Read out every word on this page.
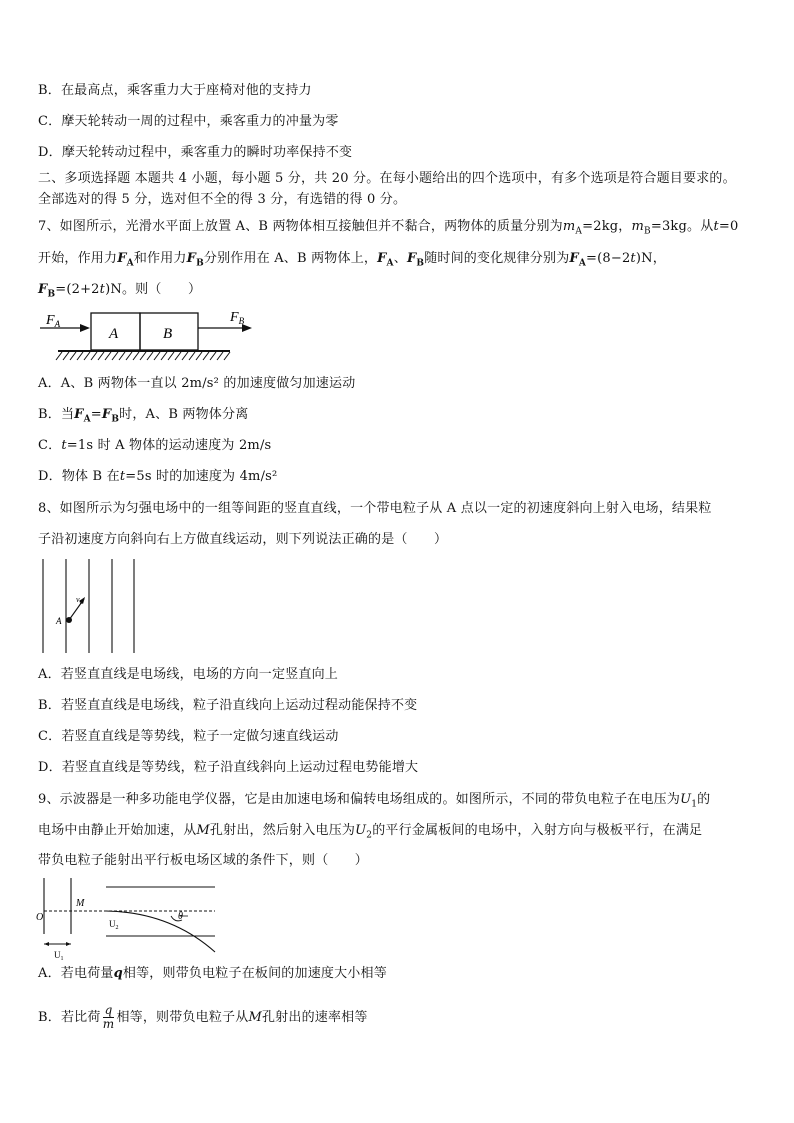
B．在最高点，乘客重力大于座椅对他的支持力
C．摩天轮转动一周的过程中，乘客重力的冲量为零
D．摩天轮转动过程中，乘客重力的瞬时功率保持不变
二、多项选择题 本题共 4 小题，每小题 5 分，共 20 分。在每小题给出的四个选项中，有多个选项是符合题目要求的。
全部选对的得 5 分，选对但不全的得 3 分，有选错的得 0 分。
7、如图所示，光滑水平面上放置 A、B 两物体相互接触但并不黏合，两物体的质量分别为$m_A=2kg$，$m_B=3kg$。从t=0
开始，作用力$F_A$和作用力$F_B$分别作用在 A、B 两物体上，$F_A$、$F_B$随时间的变化规律分别为$F_A=(8-2t)N$，
$F_B=(2+2t)N$。则（　　）
$F_A$
A	B
$F_B$
A．A、B 两物体一直以 2m/s² 的加速度做匀加速运动
B．当$F_A=F_B$时，A、B 两物体分离
C．t=1s 时 A 物体的运动速度为 2m/s
D．物体 B 在t=5s 时的加速度为 4m/s²
8、如图所示为匀强电场中的一组等间距的竖直直线，一个带电粒子从 A 点以一定的初速度斜向上射入电场，结果粒
子沿初速度方向斜向右上方做直线运动，则下列说法正确的是（　　）
A
$v_0$
A．若竖直直线是电场线，电场的方向一定竖直向上
B．若竖直直线是电场线，粒子沿直线向上运动过程动能保持不变
C．若竖直直线是等势线，粒子一定做匀速直线运动
D．若竖直直线是等势线，粒子沿直线斜向上运动过程电势能增大
9、示波器是一种多功能电学仪器，它是由加速电场和偏转电场组成的。如图所示，不同的带负电粒子在电压为$U_1$的
电场中由静止开始加速，从M孔射出，然后射入电压为$U_2$的平行金属板间的电场中，入射方向与极板平行，在满足
带负电粒子能射出平行板电场区域的条件下，则（　　）
θ
O
M
$U_2$
$U_1$
A．若电荷量q相等，则带负电粒子在板间的加速度大小相等
B．若比荷 $\frac{q}{m}$ 相等，则带负电粒子从M孔射出的速率相等
